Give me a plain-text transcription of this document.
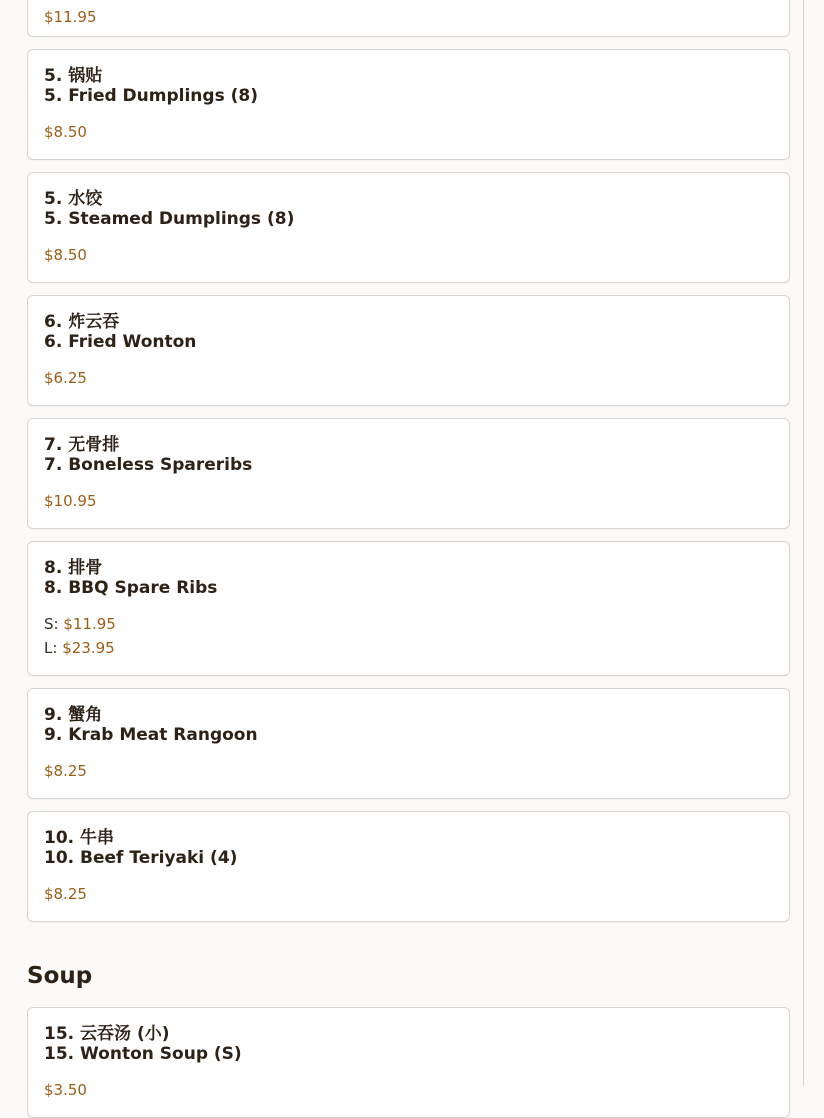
$11.95
5. 锅贴
5. Fried Dumplings (8)
$8.50
5. 水饺
5. Steamed Dumplings (8)
$8.50
6. 炸云吞
6. Fried Wonton
$6.25
7. 无骨排
7. Boneless Spareribs
$10.95
8. 排骨
8. BBQ Spare Ribs
S: $11.95
L: $23.95
9. 蟹角
9. Krab Meat Rangoon
$8.25
10. 牛串
10. Beef Teriyaki (4)
$8.25
Soup
15. 云吞汤 (小)
15. Wonton Soup (S)
$3.50
